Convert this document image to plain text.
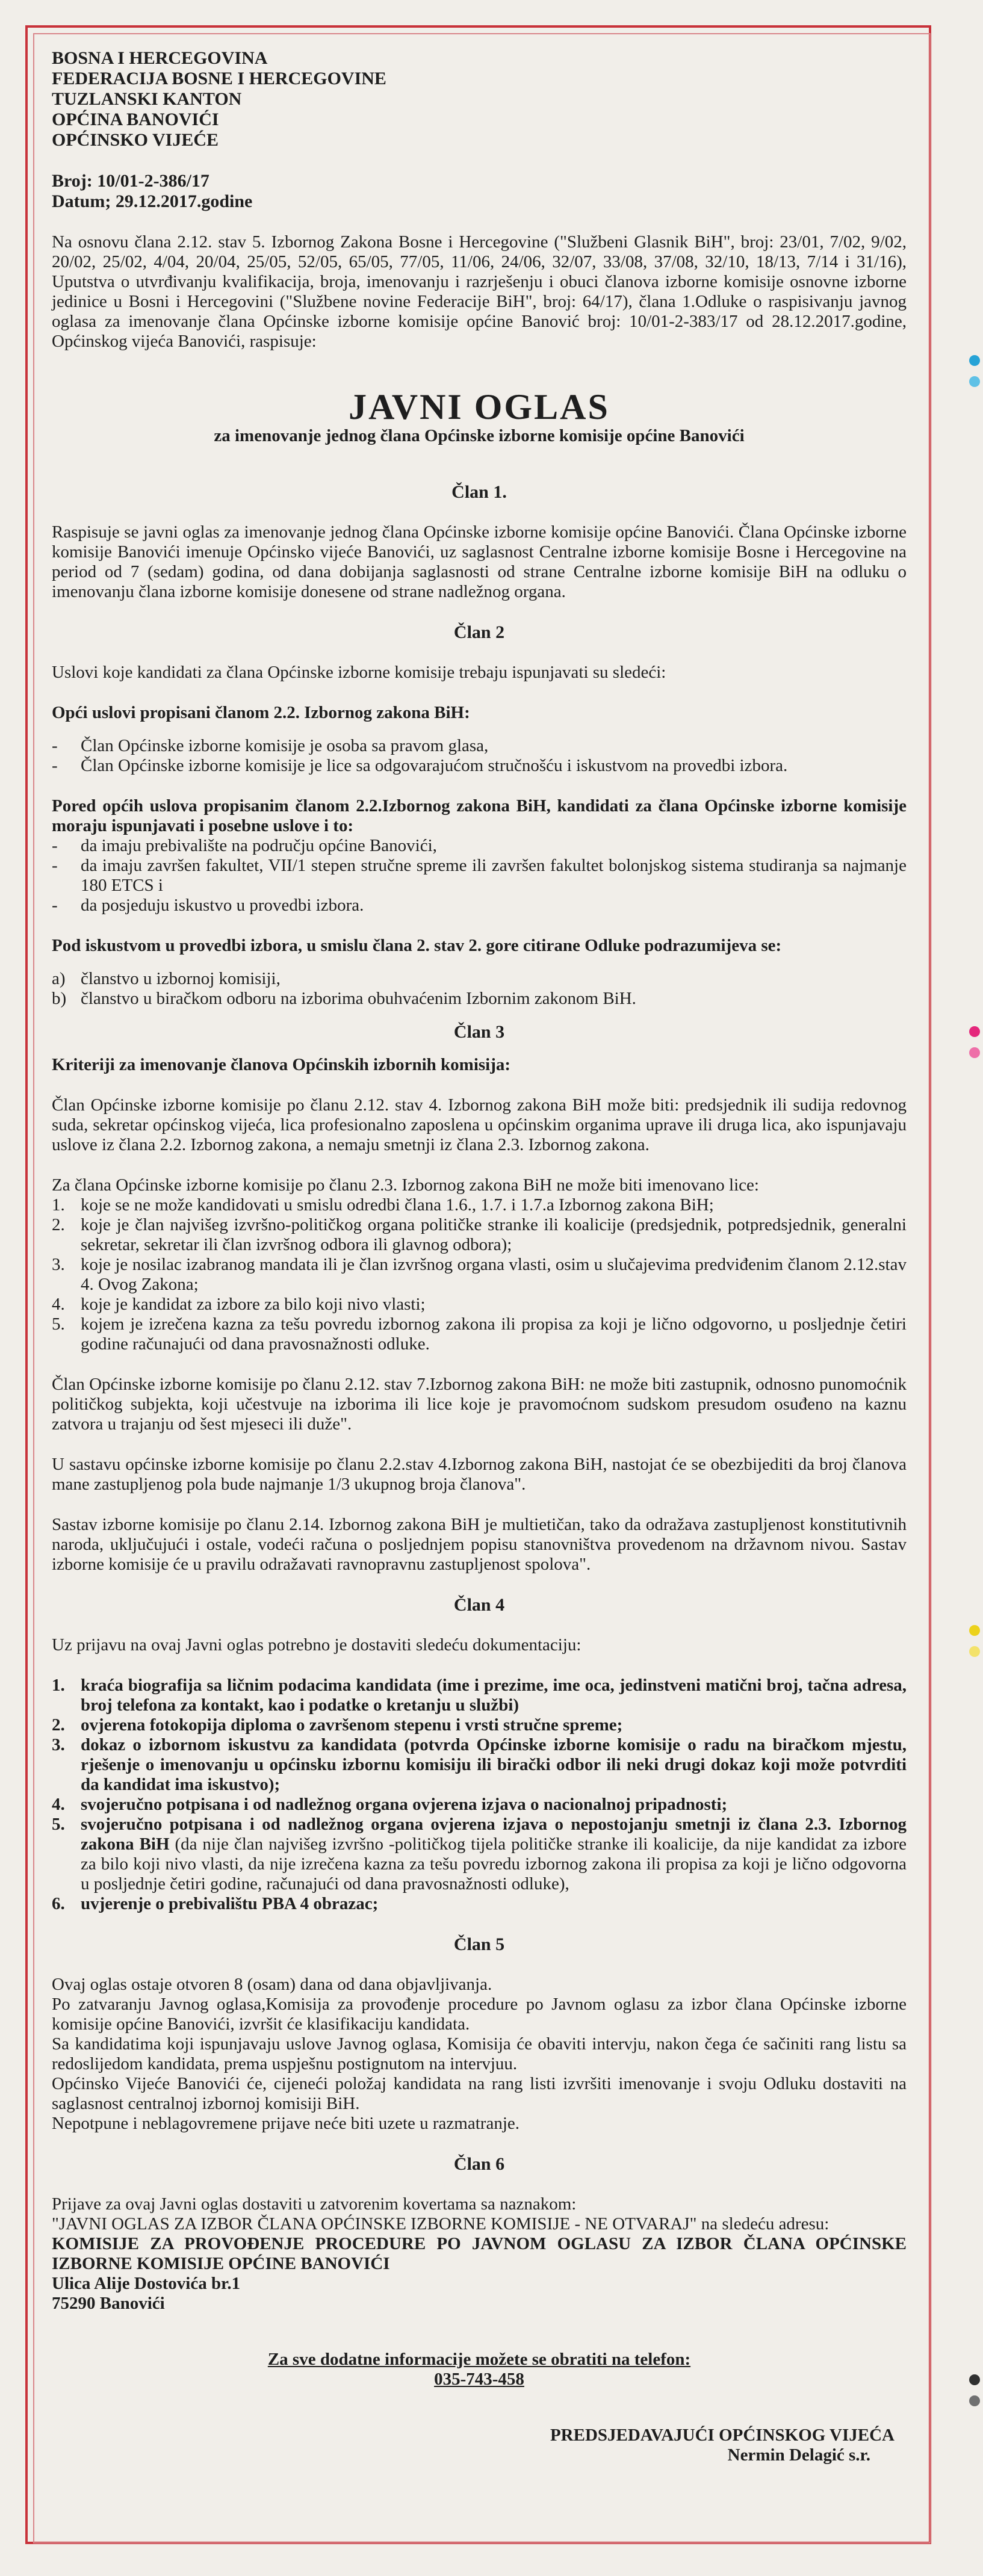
BOSNA I HERCEGOVINA
FEDERACIJA BOSNE I HERCEGOVINE
TUZLANSKI KANTON
OPĆINA BANOVIĆI
OPĆINSKO VIJEĆE
Broj: 10/01-2-386/17
Datum; 29.12.2017.godine

Na osnovu člana 2.12. stav 5. Izbornog Zakona Bosne i Hercegovine ("Službeni Glasnik BiH", broj: 23/01, 7/02, 9/02, 20/02, 25/02, 4/04, 20/04, 25/05, 52/05, 65/05, 77/05, 11/06, 24/06, 32/07, 33/08, 37/08, 32/10, 18/13, 7/14 i 31/16), Uputstva o utvrđivanju kvalifikacija, broja, imenovanju i razrješenju i obuci članova izborne komisije osnovne izborne jedinice u Bosni i Hercegovini ("Službene novine Federacije BiH", broj: 64/17), člana 1.Odluke o raspisivanju javnog oglasa za imenovanje člana Općinske izborne komisije općine Banović broj: 10/01-2-383/17 od 28.12.2017.godine, Općinskog vijeća Banovići, raspisuje:

JAVNI OGLAS
za imenovanje jednog člana Općinske izborne komisije općine Banovići

Član 1.

Raspisuje se javni oglas za imenovanje jednog člana Općinske izborne komisije općine Banovići. Člana Općinske izborne komisije Banovići imenuje Općinsko vijeće Banovići, uz saglasnost Centralne izborne komisije Bosne i Hercegovine na period od 7 (sedam) godina, od dana dobijanja saglasnosti od strane Centralne izborne komisije BiH na odluku o imenovanju člana izborne komisije donesene od strane nadležnog organa.

Član 2

Uslovi koje kandidati za člana Općinske izborne komisije trebaju ispunjavati su sledeći:

Opći uslovi propisani članom 2.2. Izbornog zakona BiH:

- Član Općinske izborne komisije je osoba sa pravom glasa,
- Član Općinske izborne komisije je lice sa odgovarajućom stručnošću i iskustvom na provedbi izbora.

Pored općih uslova propisanim članom 2.2.Izbornog zakona BiH, kandidati za člana Općinske izborne komisije moraju ispunjavati i posebne uslove i to:

- da imaju prebivalište na području općine Banovići,
- da imaju završen fakultet, VII/1 stepen stručne spreme ili završen fakultet bolonjskog sistema studiranja sa najmanje 180 ETCS i
- da posjeduju iskustvo u provedbi izbora.

Pod iskustvom u provedbi izbora, u smislu člana 2. stav 2. gore citirane Odluke podrazumijeva se:

a) članstvo u izbornoj komisiji,
b) članstvo u biračkom odboru na izborima obuhvaćenim Izbornim zakonom BiH.

Član 3

Kriteriji za imenovanje članova Općinskih izbornih komisija:

Član Općinske izborne komisije po članu 2.12. stav 4. Izbornog zakona BiH može biti: predsjednik ili sudija redovnog suda, sekretar općinskog vijeća, lica profesionalno zaposlena u općinskim organima uprave ili druga lica, ako ispunjavaju uslove iz člana 2.2. Izbornog zakona, a nemaju smetnji iz člana 2.3. Izbornog zakona.

Za člana Općinske izborne komisije po članu 2.3. Izbornog zakona BiH ne može biti imenovano lice:

1. koje se ne može kandidovati u smislu odredbi člana 1.6., 1.7. i 1.7.a Izbornog zakona BiH;
2. koje je član najvišeg izvršno-političkog organa političke stranke ili koalicije (predsjednik, potpredsjednik, generalni sekretar, sekretar ili član izvršnog odbora ili glavnog odbora);
3. koje je nosilac izabranog mandata ili je član izvršnog organa vlasti, osim u slučajevima predviđenim članom 2.12.stav 4. Ovog Zakona;
4. koje je kandidat za izbore za bilo koji nivo vlasti;
5. kojem je izrečena kazna za tešu povredu izbornog zakona ili propisa za koji je lično odgovorno, u posljednje četiri godine računajući od dana pravosnažnosti odluke.

Član Općinske izborne komisije po članu 2.12. stav 7.Izbornog zakona BiH: ne može biti zastupnik, odnosno punomoćnik političkog subjekta, koji učestvuje na izborima ili lice koje je pravomoćnom sudskom presudom osuđeno na kaznu zatvora u trajanju od šest mjeseci ili duže".

U sastavu općinske izborne komisije po članu 2.2.stav 4.Izbornog zakona BiH, nastojat će se obezbijediti da broj članova mane zastupljenog pola bude najmanje 1/3 ukupnog broja članova".

Sastav izborne komisije po članu 2.14. Izbornog zakona BiH je multietičan, tako da odražava zastupljenost konstitutivnih naroda, uključujući i ostale, vodeći računa o posljednjem popisu stanovništva provedenom na državnom nivou. Sastav izborne komisije će u pravilu odražavati ravnopravnu zastupljenost spolova".

Član 4

Uz prijavu na ovaj Javni oglas potrebno je dostaviti sledeću dokumentaciju:

1. kraća biografija sa ličnim podacima kandidata (ime i prezime, ime oca, jedinstveni matični broj, tačna adresa, broj telefona za kontakt, kao i podatke o kretanju u službi)
2. ovjerena fotokopija diploma o završenom stepenu i vrsti stručne spreme;
3. dokaz o izbornom iskustvu za kandidata (potvrda Općinske izborne komisije o radu na biračkom mjestu, rješenje o imenovanju u općinsku izbornu komisiju ili birački odbor ili neki drugi dokaz koji može potvrditi da kandidat ima iskustvo);
4. svojeručno potpisana i od nadležnog organa ovjerena izjava o nacionalnoj pripadnosti;
5. svojeručno potpisana i od nadležnog organa ovjerena izjava o nepostojanju smetnji iz člana 2.3. Izbornog zakona BiH (da nije član najvišeg izvršno -političkog tijela političke stranke ili koalicije, da nije kandidat za izbore za bilo koji nivo vlasti, da nije izrečena kazna za tešu povredu izbornog zakona ili propisa za koji je lično odgovorna u posljednje četiri godine, računajući od dana pravosnažnosti odluke),
6. uvjerenje o prebivalištu PBA 4 obrazac;

Član 5

Ovaj oglas ostaje otvoren 8 (osam) dana od dana objavljivanja.

Po zatvaranju Javnog oglasa,Komisija za provođenje procedure po Javnom oglasu za izbor člana Općinske izborne komisije općine Banovići, izvršit će klasifikaciju kandidata.

Sa kandidatima koji ispunjavaju uslove Javnog oglasa, Komisija će obaviti intervju, nakon čega će sačiniti rang listu sa redoslijedom kandidata, prema uspješnu postignutom na intervjuu.

Općinsko Vijeće Banovići će, cijeneći položaj kandidata na rang listi izvršiti imenovanje i svoju Odluku dostaviti na saglasnost centralnoj izbornoj komisiji BiH.

Nepotpune i neblagovremene prijave neće biti uzete u razmatranje.

Član 6

Prijave za ovaj Javni oglas dostaviti u zatvorenim kovertama sa naznakom:

"JAVNI OGLAS ZA IZBOR ČLANA OPĆINSKE IZBORNE KOMISIJE - NE OTVARAJ" na sledeću adresu:

KOMISIJE ZA PROVOĐENJE PROCEDURE PO JAVNOM OGLASU ZA IZBOR ČLANA OPĆINSKE IZBORNE KOMISIJE OPĆINE BANOVIĆI

Ulica Alije Dostovića br.1

75290 Banovići

Za sve dodatne informacije možete se obratiti na telefon:
035-743-458
PREDSJEDAVAJUĆI OPĆINSKOG VIJEĆA
Nermin Delagić s.r.
